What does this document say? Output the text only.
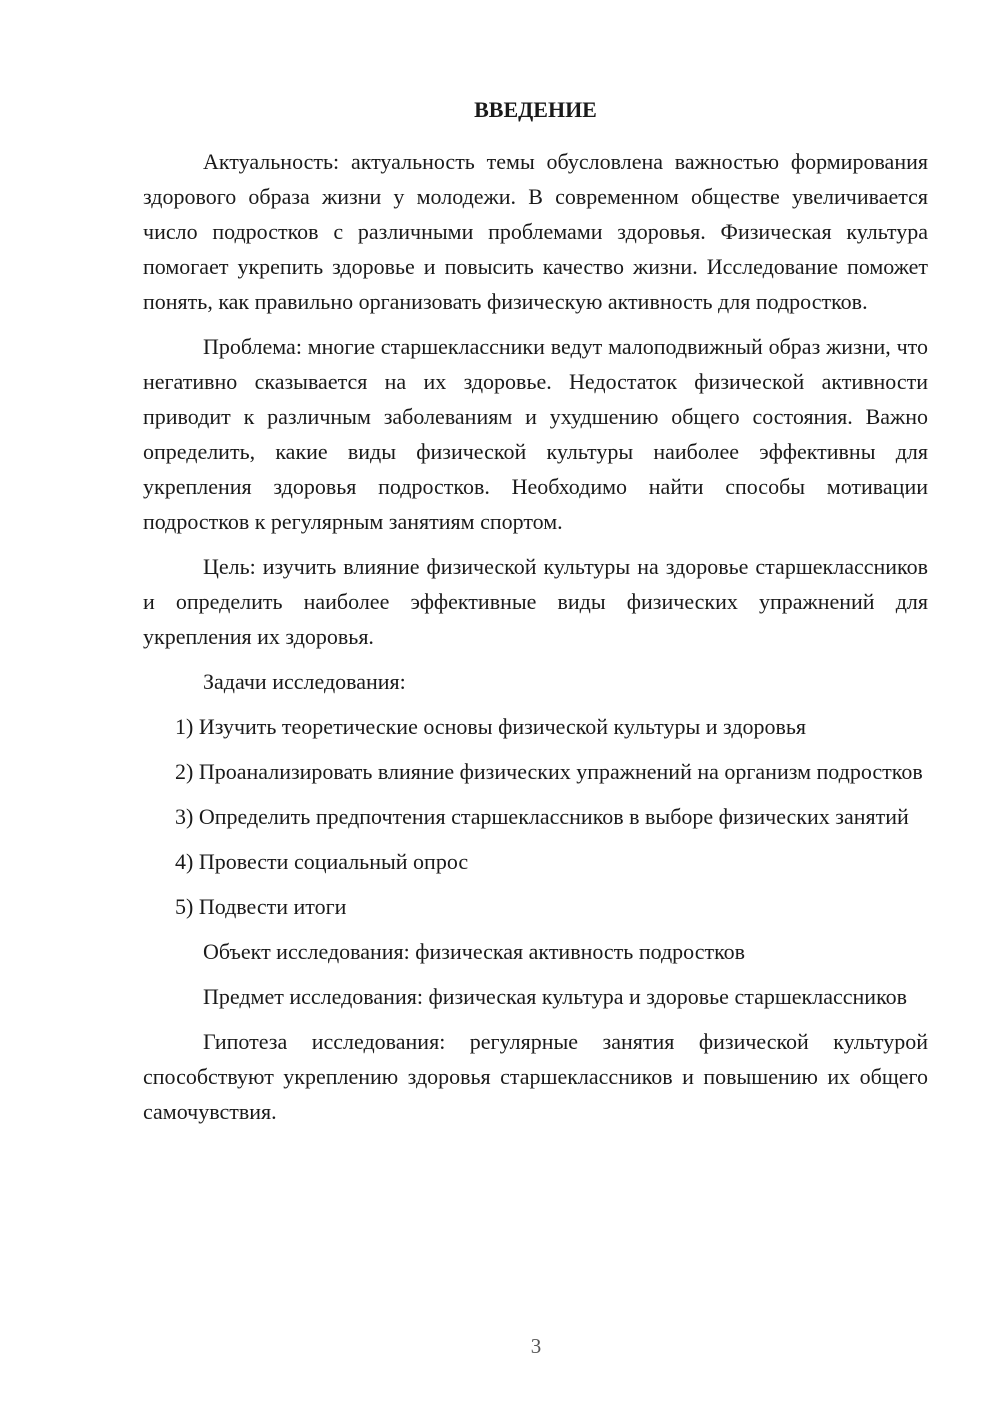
ВВЕДЕНИЕ

Актуальность: актуальность темы обусловлена важностью формирования здорового образа жизни у молодежи. В современном обществе увеличивается число подростков с различными проблемами здоровья. Физическая культура помогает укрепить здоровье и повысить качество жизни. Исследование поможет понять, как правильно организовать физическую активность для подростков.

Проблема: многие старшеклассники ведут малоподвижный образ жизни, что негативно сказывается на их здоровье. Недостаток физической активности приводит к различным заболеваниям и ухудшению общего состояния. Важно определить, какие виды физической культуры наиболее эффективны для укрепления здоровья подростков. Необходимо найти способы мотивации подростков к регулярным занятиям спортом.

Цель: изучить влияние физической культуры на здоровье старшеклассников и определить наиболее эффективные виды физических упражнений для укрепления их здоровья.

Задачи исследования:

1) Изучить теоретические основы физической культуры и здоровья

2) Проанализировать влияние физических упражнений на организм подростков

3) Определить предпочтения старшеклассников в выборе физических занятий

4) Провести социальный опрос

5) Подвести итоги

Объект исследования: физическая активность подростков

Предмет исследования: физическая культура и здоровье старшеклассников

Гипотеза исследования: регулярные занятия физической культурой способствуют укреплению здоровья старшеклассников и повышению их общего самочувствия.

3
